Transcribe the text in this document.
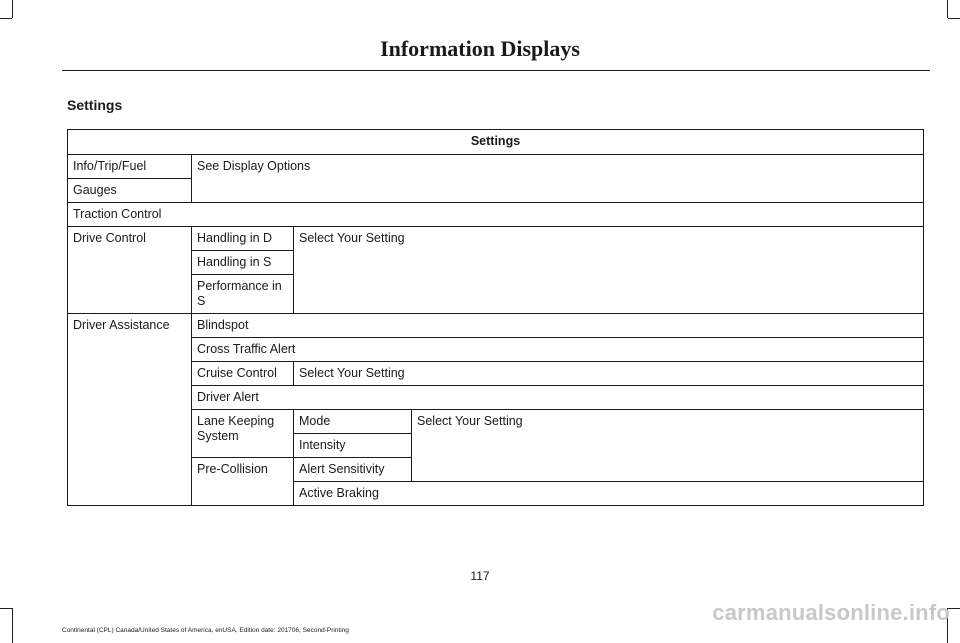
Information Displays
Settings
Settings			
Info/Trip/Fuel	See Display Options		
Gauges			
Traction Control			
Drive Control	Handling in D	Select Your Setting	
	Handling in S		
	Performance in S		
Driver Assistance	Blindspot		
	Cross Traffic Alert		
	Cruise Control	Select Your Setting	
	Driver Alert		
	Lane Keeping System	Mode	Select Your Setting
		Intensity	
	Pre-Collision	Alert Sensitivity	
		Active Braking	
117
Continental (CPL) Canada/United States of America, enUSA, Edition date: 201706, Second-Printing
carmanualsonline.info
